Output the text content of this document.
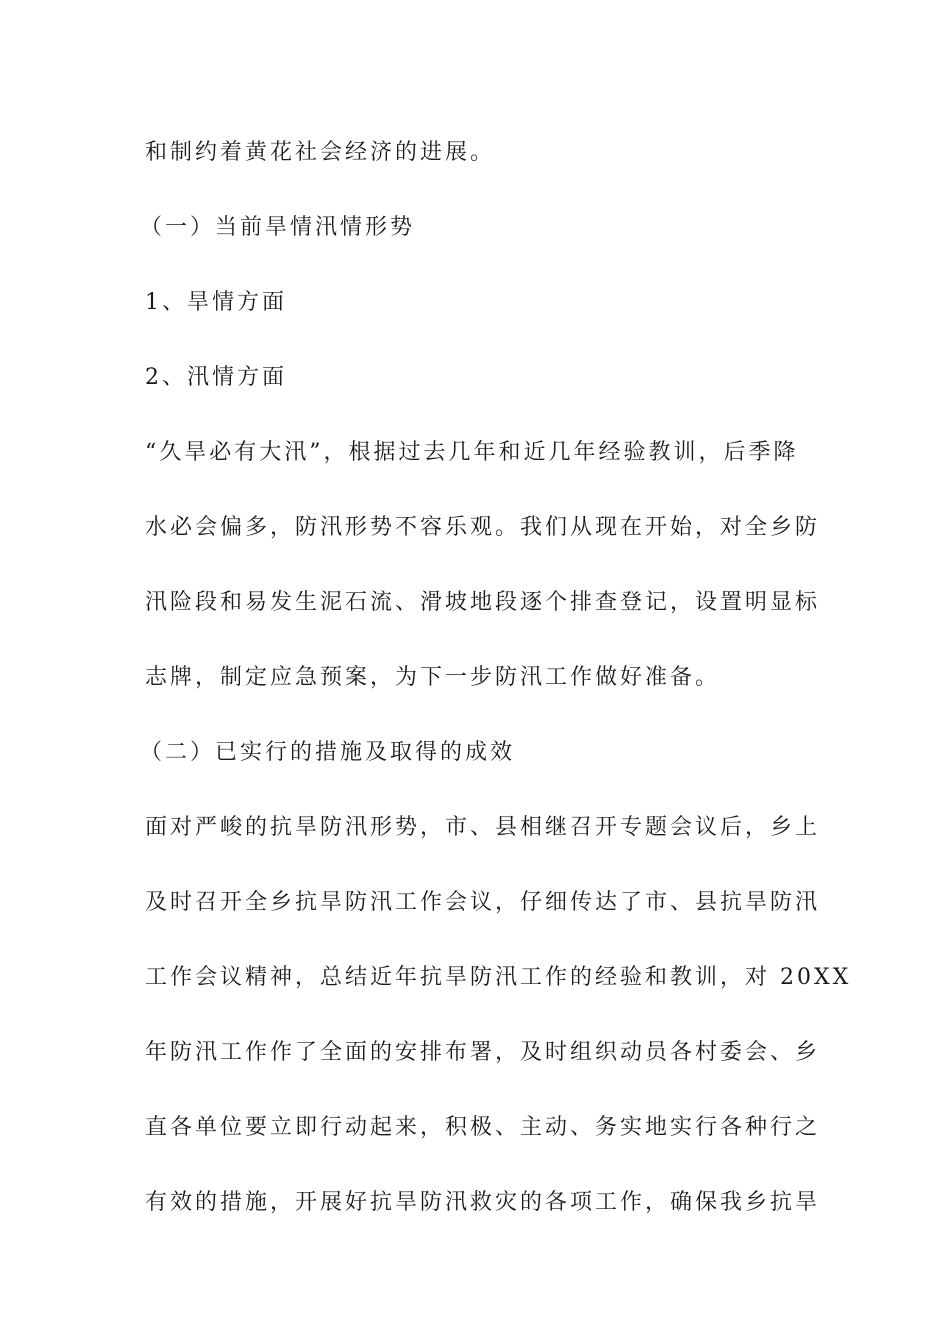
和制约着黄花社会经济的进展。
（一）当前旱情汛情形势
1、旱情方面
2、汛情方面
“久旱必有大汛”，根据过去几年和近几年经验教训，后季降
水必会偏多，防汛形势不容乐观。我们从现在开始，对全乡防
汛险段和易发生泥石流、滑坡地段逐个排查登记，设置明显标
志牌，制定应急预案，为下一步防汛工作做好准备。
（二）已实行的措施及取得的成效
面对严峻的抗旱防汛形势，市、县相继召开专题会议后，乡上
及时召开全乡抗旱防汛工作会议，仔细传达了市、县抗旱防汛
工作会议精神，总结近年抗旱防汛工作的经验和教训，对 20XX
年防汛工作作了全面的安排布署，及时组织动员各村委会、乡
直各单位要立即行动起来，积极、主动、务实地实行各种行之
有效的措施，开展好抗旱防汛救灾的各项工作，确保我乡抗旱
